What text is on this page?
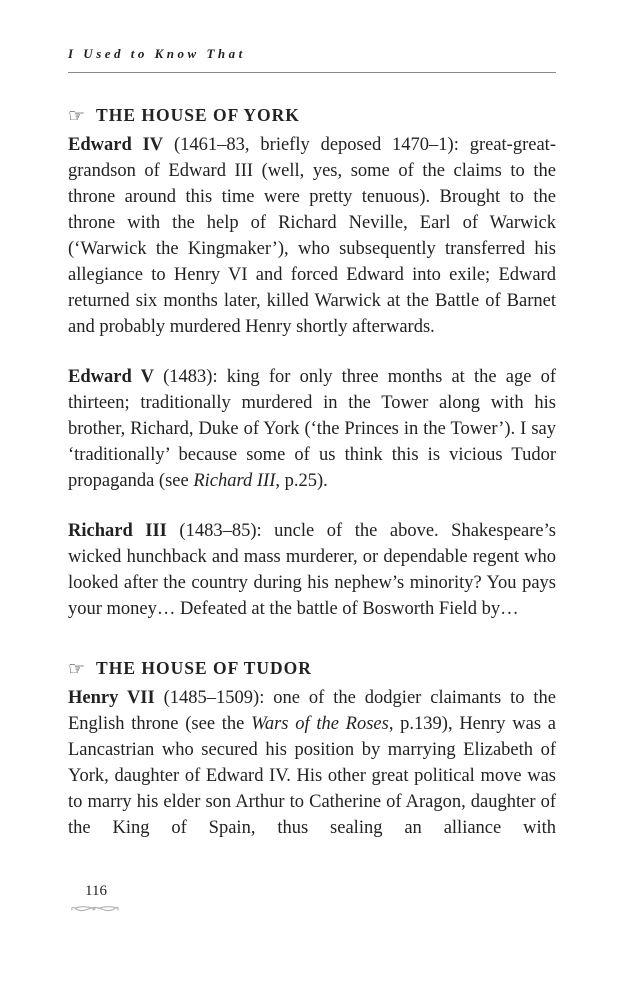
I Used to Know That
☞ THE HOUSE OF YORK

Edward IV (1461–83, briefly deposed 1470–1): great-great-grandson of Edward III (well, yes, some of the claims to the throne around this time were pretty tenuous). Brought to the throne with the help of Richard Neville, Earl of Warwick (‘Warwick the Kingmaker’), who subsequently transferred his allegiance to Henry VI and forced Edward into exile; Edward returned six months later, killed Warwick at the Battle of Barnet and probably murdered Henry shortly afterwards.

Edward V (1483): king for only three months at the age of thirteen; traditionally murdered in the Tower along with his brother, Richard, Duke of York (‘the Princes in the Tower’). I say ‘traditionally’ because some of us think this is vicious Tudor propaganda (see Richard III, p.25).

Richard III (1483–85): uncle of the above. Shakespeare’s wicked hunchback and mass murderer, or dependable regent who looked after the country during his nephew’s minority? You pays your money… Defeated at the battle of Bosworth Field by…

☞ THE HOUSE OF TUDOR

Henry VII (1485–1509): one of the dodgier claimants to the English throne (see the Wars of the Roses, p.139), Henry was a Lancastrian who secured his position by marrying Elizabeth of York, daughter of Edward IV. His other great political move was to marry his elder son Arthur to Catherine of Aragon, daughter of the King of Spain, thus sealing an alliance with

116
